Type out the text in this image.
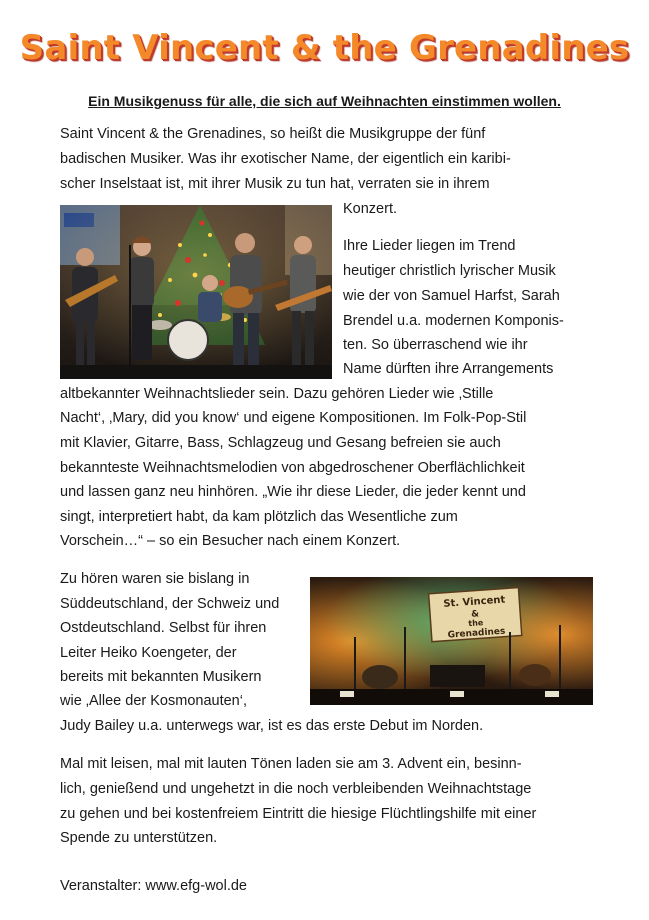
Saint Vincent & the Grenadines
Ein Musikgenuss für alle, die sich auf Weihnachten einstimmen wollen.
Saint Vincent & the Grenadines, so heißt die Musikgruppe der fünf
badischen Musiker. Was ihr exotischer Name, der eigentlich ein karibi-
scher Inselstaat ist, mit ihrer Musik zu tun hat, verraten sie in ihrem
Konzert.
Ihre Lieder liegen im Trend
heutiger christlich lyrischer Musik
wie der von Samuel Harfst, Sarah
Brendel u.a. modernen Komponis-
ten. So überraschend wie ihr
Name dürften ihre Arrangements
altbekannter Weihnachtslieder sein. Dazu gehören Lieder wie ‚Stille
Nacht‘, ‚Mary, did you know‘ und eigene Kompositionen. Im Folk-Pop-Stil
mit Klavier, Gitarre, Bass, Schlagzeug und Gesang befreien sie auch
bekannteste Weihnachtsmelodien von abgedroschener Oberflächlichkeit
und lassen ganz neu hinhören. „Wie ihr diese Lieder, die jeder kennt und
singt, interpretiert habt, da kam plötzlich das Wesentliche zum
Vorschein…“ – so ein Besucher nach einem Konzert.
Zu hören waren sie bislang in
Süddeutschland, der Schweiz und
Ostdeutschland. Selbst für ihren
Leiter Heiko Koengeter, der
bereits mit bekannten Musikern
wie ‚Allee der Kosmonauten‘,
Judy Bailey u.a. unterwegs war, ist es das erste Debut im Norden.
Mal mit leisen, mal mit lauten Tönen laden sie am 3. Advent ein, besinn-
lich, genießend und ungehetzt in die noch verbleibenden Weihnachtstage
zu gehen und bei kostenfreiem Eintritt die hiesige Flüchtlingshilfe mit einer
Spende zu unterstützen.
St. Vincent
&
the
Grenadines
Veranstalter: www.efg-wol.de
